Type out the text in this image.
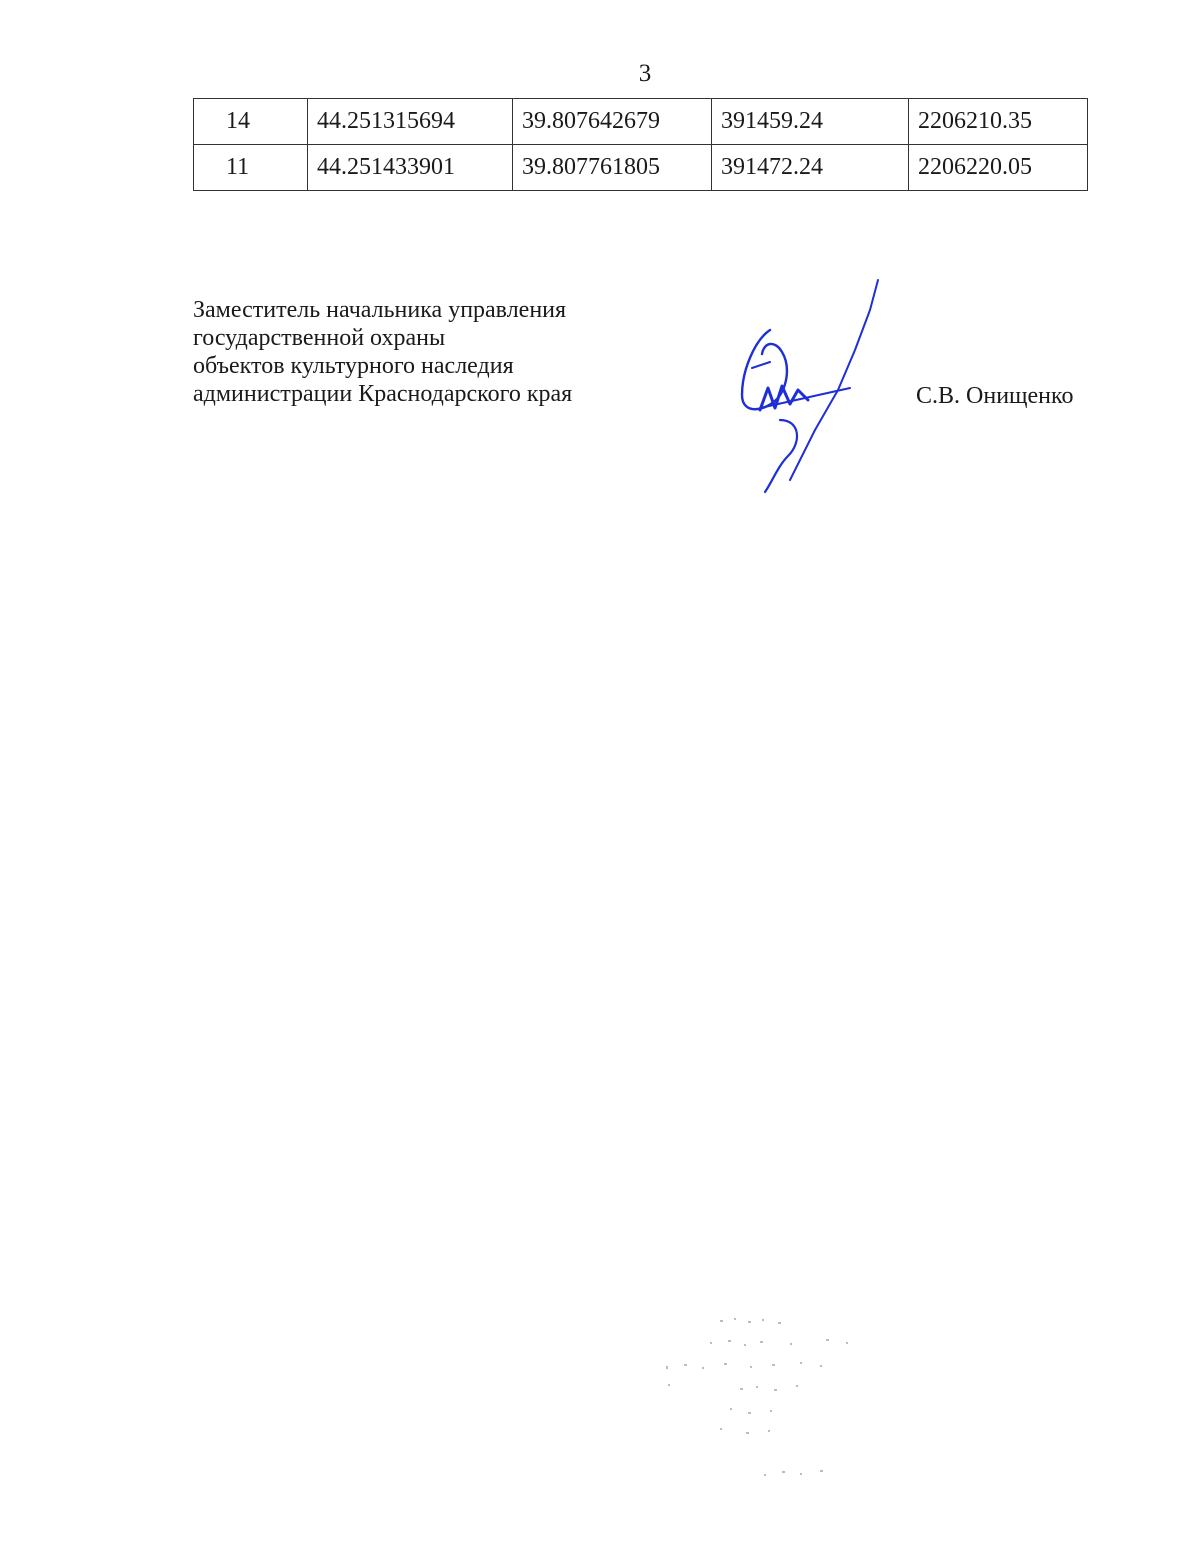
3
14	44.251315694	39.807642679	391459.24	2206210.35
11	44.251433901	39.807761805	391472.24	2206220.05
Заместитель начальника управления
государственной охраны
объектов культурного наследия
администрации Краснодарского края	С.В. Онищенко
